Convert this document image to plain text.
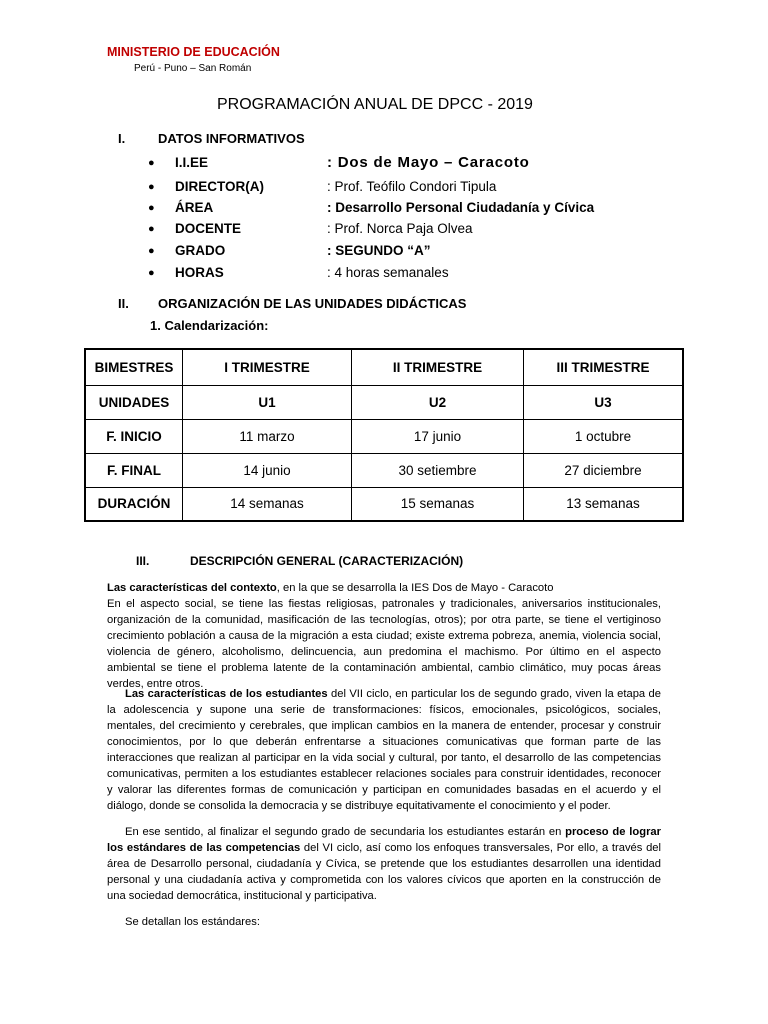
MINISTERIO DE EDUCACIÓN
Perú - Puno – San Román
PROGRAMACIÓN ANUAL DE DPCC - 2019
I.	DATOS INFORMATIVOS
● I.I.EE	: Dos de Mayo – Caracoto
● DIRECTOR(A)	: Prof. Teófilo Condori Tipula
● ÁREA	: Desarrollo Personal Ciudadanía y Cívica
● DOCENTE	: Prof. Norca Paja Olvea
● GRADO	: SEGUNDO “A”
● HORAS	: 4 horas semanales
II. ORGANIZACIÓN DE LAS UNIDADES DIDÁCTICAS
1. Calendarización:
BIMESTRES	I TRIMESTRE	II TRIMESTRE	III TRIMESTRE
UNIDADES	U1	U2	U3
F. INICIO	11 marzo	17 junio	1 octubre
F. FINAL	14 junio	30 setiembre	27 diciembre
DURACIÓN	14 semanas	15 semanas	13 semanas
III.	DESCRIPCIÓN GENERAL (CARACTERIZACIÓN)
Las características del contexto, en la que se desarrolla la IES Dos de Mayo - Caracoto
En el aspecto social, se tiene las fiestas religiosas, patronales y tradicionales, aniversarios institucionales, organización de la comunidad, masificación de las tecnologías, otros); por otra parte, se tiene el vertiginoso crecimiento población a causa de la migración a esta ciudad; existe extrema pobreza, anemia, violencia social, violencia de género, alcoholismo, delincuencia, aun predomina el machismo. Por último en el aspecto ambiental se tiene el problema latente de la contaminación ambiental, cambio climático, muy pocas áreas verdes, entre otros.
Las características de los estudiantes del VII ciclo, en particular los de segundo grado, viven la etapa de la adolescencia y supone una serie de transformaciones: físicos, emocionales, psicológicos, sociales, mentales, del crecimiento y cerebrales, que implican cambios en la manera de entender, procesar y construir conocimientos, por lo que deberán enfrentarse a situaciones comunicativas que forman parte de las interacciones que realizan al participar en la vida social y cultural, por tanto, el desarrollo de las competencias comunicativas, permiten a los estudiantes establecer relaciones sociales para construir identidades, reconocer y valorar las diferentes formas de comunicación y participan en comunidades basadas en el acuerdo y el diálogo, donde se consolida la democracia y se distribuye equitativamente el conocimiento y el poder.
En ese sentido, al finalizar el segundo grado de secundaria los estudiantes estarán en proceso de lograr los estándares de las competencias del VI ciclo, así como los enfoques transversales, Por ello, a través del área de Desarrollo personal, ciudadanía y Cívica, se pretende que los estudiantes desarrollen una identidad personal y una ciudadanía activa y comprometida con los valores cívicos que aporten en la construcción de una sociedad democrática, institucional y participativa.
Se detallan los estándares:
